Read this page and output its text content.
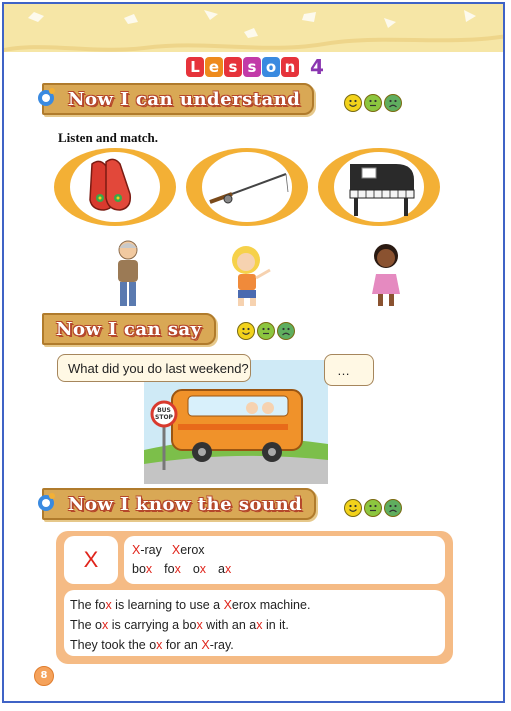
L e s s o n 4
Now I can understand
Listen and match.
Now I can say
BUS
STOP
What did you do last weekend?	…
Now I know the sound
X	X-ray Xerox
box fox ox ax
The fox is learning to use a Xerox machine.
The ox is carrying a box with an ax in it.
They took the ox for an X-ray.
8
